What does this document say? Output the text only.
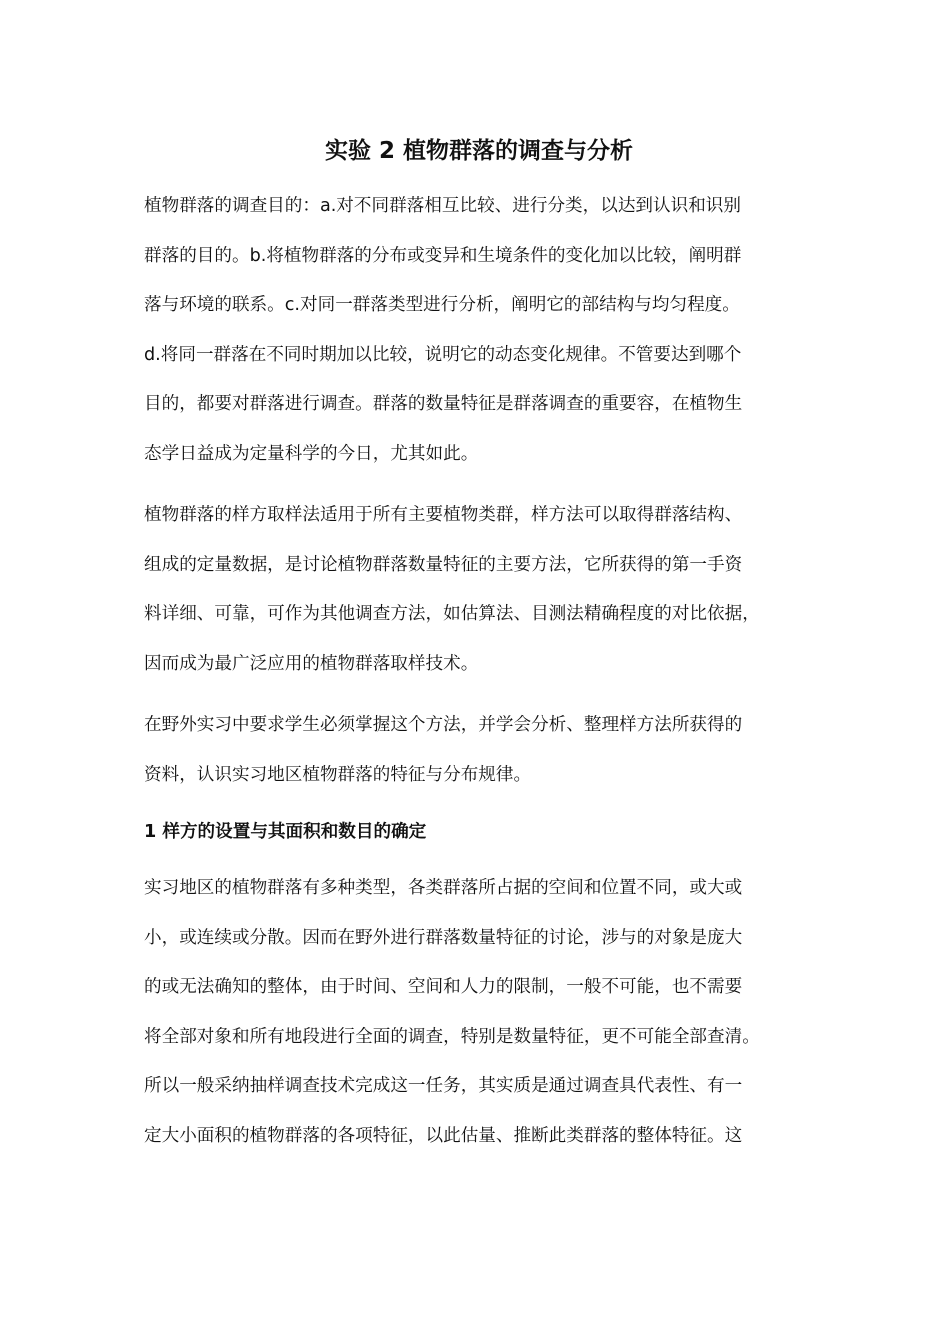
实验 2 植物群落的调查与分析

植物群落的调查目的：a.对不同群落相互比较、进行分类，以达到认识和识别
群落的目的。b.将植物群落的分布或变异和生境条件的变化加以比较，阐明群
落与环境的联系。c.对同一群落类型进行分析，阐明它的部结构与均匀程度。
d.将同一群落在不同时期加以比较，说明它的动态变化规律。不管要达到哪个
目的，都要对群落进行调查。群落的数量特征是群落调查的重要容，在植物生
态学日益成为定量科学的今日，尤其如此。

植物群落的样方取样法适用于所有主要植物类群，样方法可以取得群落结构、
组成的定量数据，是讨论植物群落数量特征的主要方法，它所获得的第一手资
料详细、可靠，可作为其他调查方法，如估算法、目测法精确程度的对比依据，
因而成为最广泛应用的植物群落取样技术。

在野外实习中要求学生必须掌握这个方法，并学会分析、整理样方法所获得的
资料，认识实习地区植物群落的特征与分布规律。

1 样方的设置与其面积和数目的确定

实习地区的植物群落有多种类型，各类群落所占据的空间和位置不同，或大或
小，或连续或分散。因而在野外进行群落数量特征的讨论，涉与的对象是庞大
的或无法确知的整体，由于时间、空间和人力的限制，一般不可能，也不需要
将全部对象和所有地段进行全面的调查，特别是数量特征，更不可能全部查清。
所以一般采纳抽样调查技术完成这一任务，其实质是通过调查具代表性、有一
定大小面积的植物群落的各项特征，以此估量、推断此类群落的整体特征。这
